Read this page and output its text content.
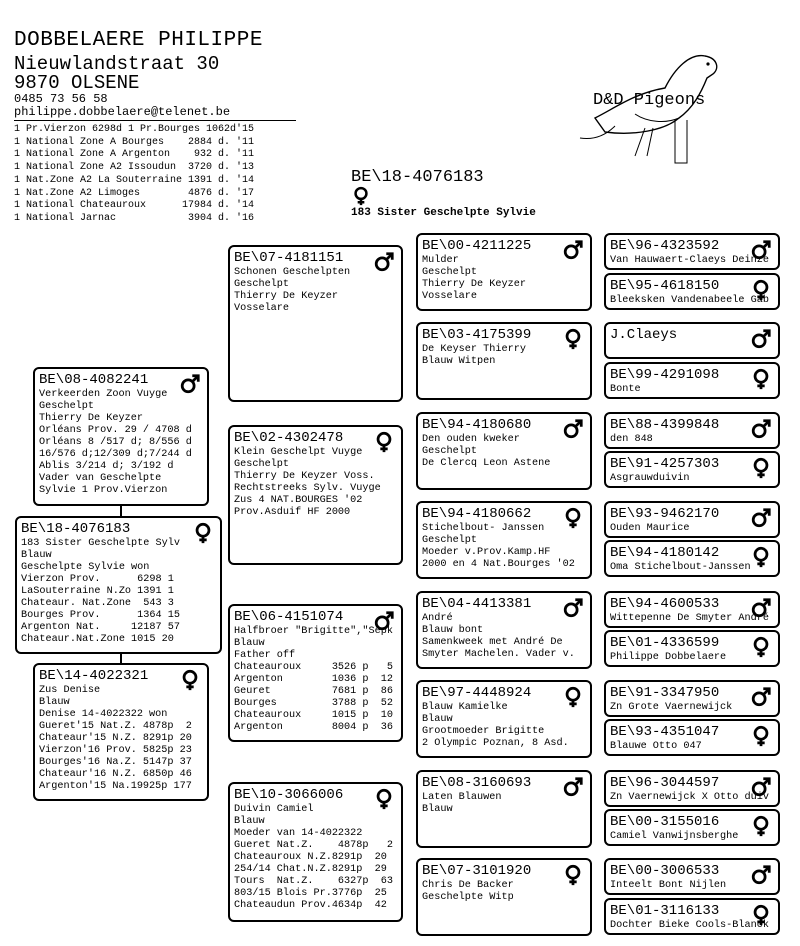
DOBBELAERE PHILIPPE
Nieuwlandstraat 30
9870 OLSENE
0485 73 56 58
philippe.dobbelaere@telenet.be
1 Pr.Vierzon 6298d 1 Pr.Bourges 1062d'15
1 National Zone A Bourges    2884 d. '11
1 National Zone A Argenton    932 d. '11
1 National Zone A2 Issoudun  3720 d. '13
1 Nat.Zone A2 La Souterraine 1391 d. '14
1 Nat.Zone A2 Limoges        4876 d. '17
1 National Chateauroux      17984 d. '14
1 National Jarnac            3904 d. '16
D&D Pigeons
BE\18-4076183
183 Sister Geschelpte Sylvie
BE\18-4076183
183 Sister Geschelpte Sylv
Blauw
Geschelpte Sylvie won
Vierzon Prov.      6298 1
LaSouterraine N.Zo 1391 1
Chateaur. Nat.Zone  543 3
Bourges Prov.      1364 15
Argenton Nat.     12187 57
Chateaur.Nat.Zone 1015 20
BE\08-4082241
Verkeerden Zoon Vuyge
Geschelpt
Thierry De Keyzer
Orléans Prov. 29 / 4708 d
Orléans 8 /517 d; 8/556 d
16/576 d;12/309 d;7/244 d
Ablis 3/214 d; 3/192 d
Vader van Geschelpte
Sylvie 1 Prov.Vierzon
BE\14-4022321
Zus Denise
Blauw
Denise 14-4022322 won
Gueret'15 Nat.Z. 4878p  2
Chateaur'15 N.Z. 8291p 20
Vierzon'16 Prov. 5825p 23
Bourges'16 Na.Z. 5147p 37
Chateaur'16 N.Z. 6850p 46
Argenton'15 Na.19925p 177
BE\07-4181151
Schonen Geschelpten
Geschelpt
Thierry De Keyzer
Vosselare
BE\02-4302478
Klein Geschelpt Vuyge
Geschelpt
Thierry De Keyzer Voss.
Rechtstreeks Sylv. Vuyge
Zus 4 NAT.BOURGES '02
Prov.Asduif HF 2000
BE\06-4151074
Halfbroer "Brigitte","Sepk
Blauw
Father off
Chateauroux     3526 p   5
Argenton        1036 p  12
Geuret          7681 p  86
Bourges         3788 p  52
Chateauroux     1015 p  10
Argenton        8004 p  36
BE\10-3066006
Duivin Camiel
Blauw
Moeder van 14-4022322
Gueret Nat.Z.    4878p   2
Chateauroux N.Z.8291p  20
254/14 Chat.N.Z.8291p  29
Tours  Nat.Z.    6327p  63
803/15 Blois Pr.3776p  25
Chateaudun Prov.4634p  42
BE\00-4211225
Mulder
Geschelpt
Thierry De Keyzer
Vosselare
BE\03-4175399
De Keyser Thierry
Blauw Witpen
BE\94-4180680
Den ouden kweker
Geschelpt
De Clercq Leon Astene
BE\94-4180662
Stichelbout- Janssen
Geschelpt
Moeder v.Prov.Kamp.HF
2000 en 4 Nat.Bourges '02
BE\04-4413381
André
Blauw bont
Samenkweek met André De
Smyter Machelen. Vader v.
BE\97-4448924
Blauw Kamielke
Blauw
Grootmoeder Brigitte
2 Olympic Poznan, 8 Asd.
BE\08-3160693
Laten Blauwen
Blauw
BE\07-3101920
Chris De Backer
Geschelpte Witp
BE\96-4323592
Van Hauwaert-Claeys Deinze
BE\95-4618150
Bleeksken Vandenabeele Gab
J.Claeys
BE\99-4291098
Bonte
BE\88-4399848
den 848
BE\91-4257303
Asgrauwduivin
BE\93-9462170
Ouden Maurice
BE\94-4180142
Oma Stichelbout-Janssen
BE\94-4600533
Wittepenne De Smyter André
BE\01-4336599
Philippe Dobbelaere
BE\91-3347950
Zn Grote Vaernewijck
BE\93-4351047
Blauwe Otto 047
BE\96-3044597
Zn Vaernewijck X Otto duiv
BE\00-3155016
Camiel Vanwijnsberghe
BE\00-3006533
Inteelt Bont Nijlen
BE\01-3116133
Dochter Bieke Cools-Blanck
